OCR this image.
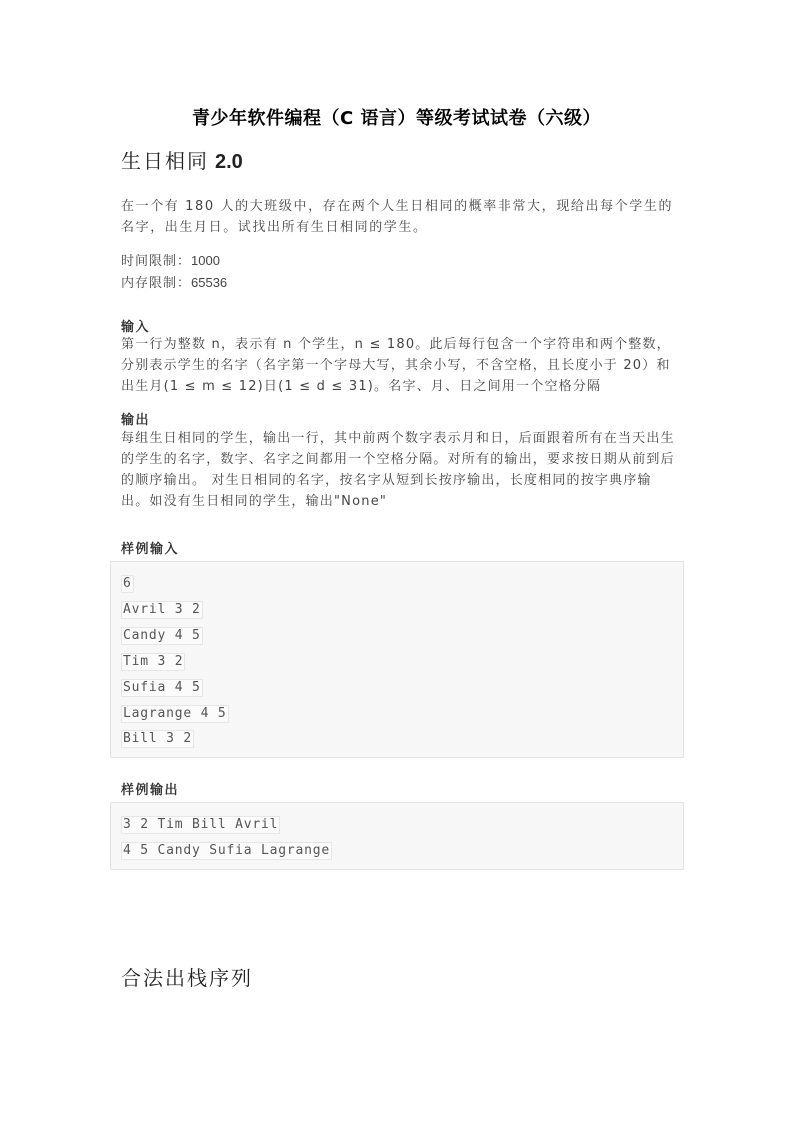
青少年软件编程（C 语言）等级考试试卷（六级）
生日相同 2.0
在一个有 180 人的大班级中，存在两个人生日相同的概率非常大，现给出每个学生的名字，出生月日。试找出所有生日相同的学生。
时间限制：1000
内存限制：65536
输入
第一行为整数 n，表示有 n 个学生，n ≤ 180。此后每行包含一个字符串和两个整数，分别表示学生的名字（名字第一个字母大写，其余小写，不含空格，且长度小于 20）和出生月(1 ≤ m ≤ 12)日(1 ≤ d ≤ 31)。名字、月、日之间用一个空格分隔
输出
每组生日相同的学生，输出一行，其中前两个数字表示月和日，后面跟着所有在当天出生的学生的名字，数字、名字之间都用一个空格分隔。对所有的输出，要求按日期从前到后的顺序输出。 对生日相同的名字，按名字从短到长按序输出，长度相同的按字典序输出。如没有生日相同的学生，输出"None"
样例输入
6
Avril 3 2
Candy 4 5
Tim 3 2
Sufia 4 5
Lagrange 4 5
Bill 3 2
样例输出
3 2 Tim Bill Avril
4 5 Candy Sufia Lagrange
合法出栈序列
